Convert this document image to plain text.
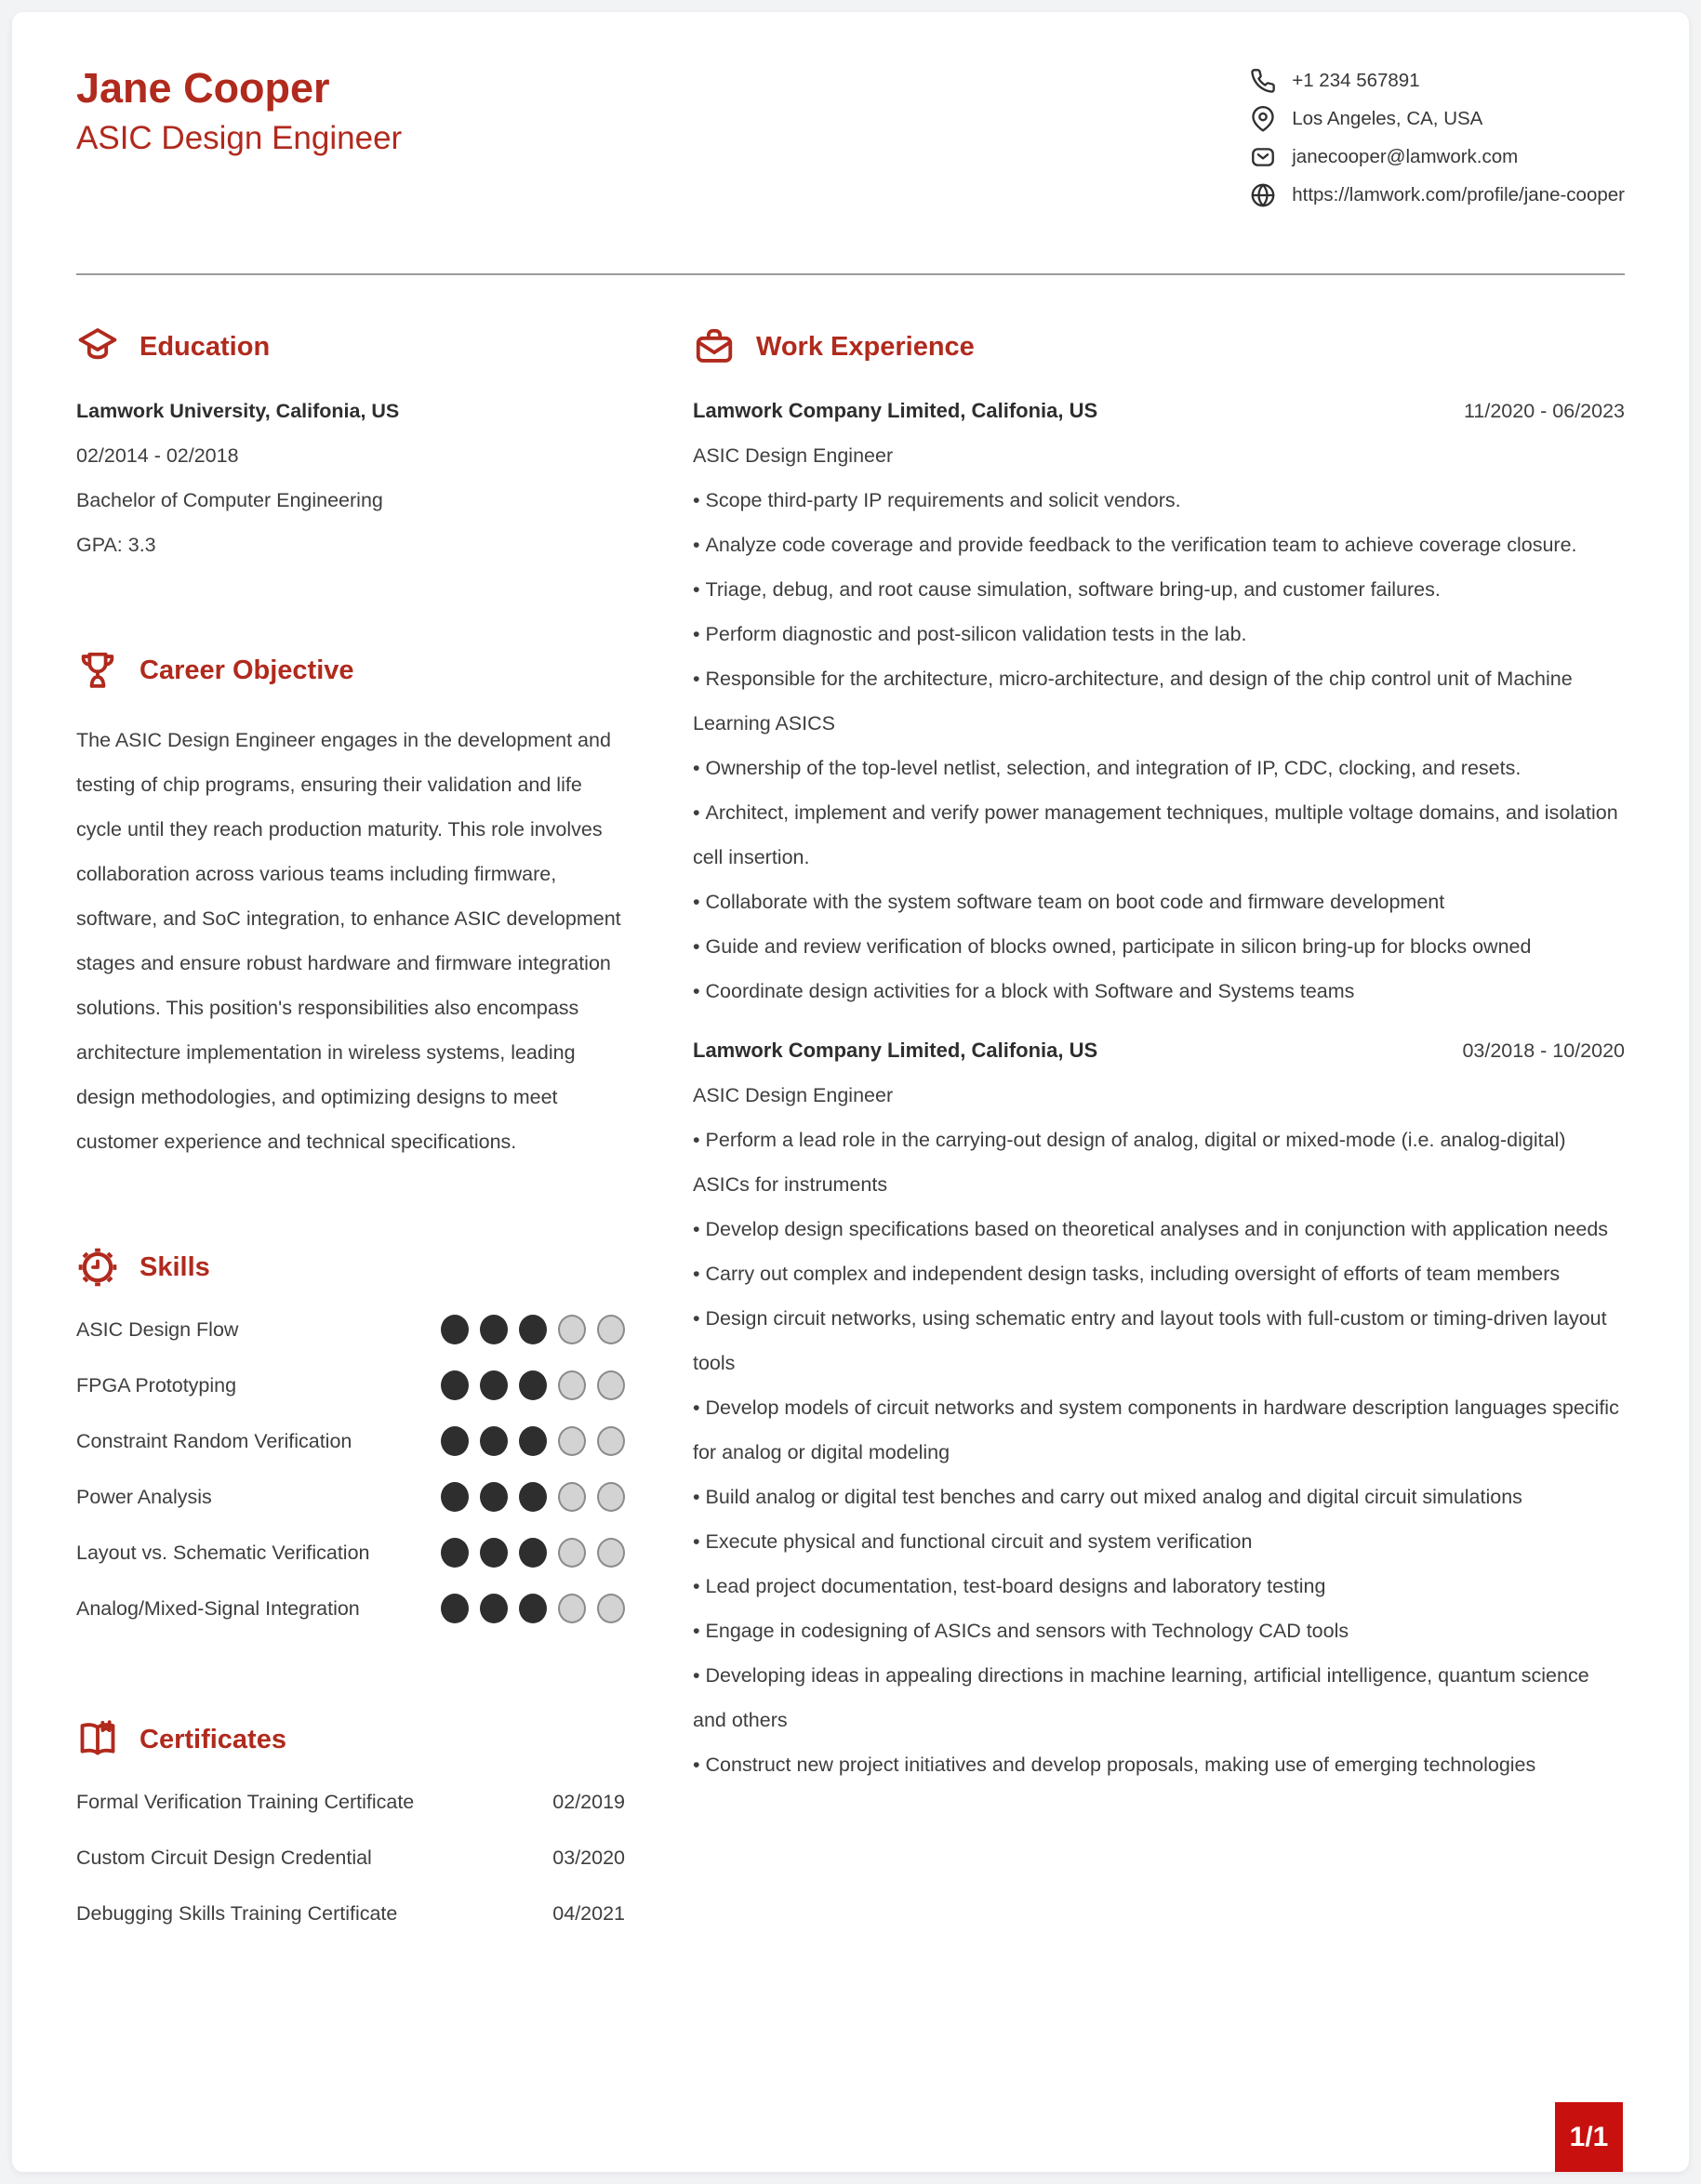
Jane Cooper
ASIC Design Engineer
+1 234 567891
Los Angeles, CA, USA
janecooper@lamwork.com
https://lamwork.com/profile/jane-cooper
Education
Lamwork University, Califonia, US
02/2014 - 02/2018
Bachelor of Computer Engineering
GPA: 3.3
Career Objective

The ASIC Design Engineer engages in the development and testing of chip programs, ensuring their validation and life cycle until they reach production maturity. This role involves collaboration across various teams including firmware, software, and SoC integration, to enhance ASIC development stages and ensure robust hardware and firmware integration solutions. This position's responsibilities also encompass architecture implementation in wireless systems, leading design methodologies, and optimizing designs to meet customer experience and technical specifications.

Skills
ASIC Design Flow
FPGA Prototyping
Constraint Random Verification
Power Analysis
Layout vs. Schematic Verification
Analog/Mixed-Signal Integration
Certificates
Formal Verification Training Certificate	02/2019
Custom Circuit Design Credential	03/2020
Debugging Skills Training Certificate	04/2021
Work Experience
Lamwork Company Limited, Califonia, US	11/2020 - 06/2023
ASIC Design Engineer
• Scope third-party IP requirements and solicit vendors.
• Analyze code coverage and provide feedback to the verification team to achieve coverage closure.
• Triage, debug, and root cause simulation, software bring-up, and customer failures.
• Perform diagnostic and post-silicon validation tests in the lab.
• Responsible for the architecture, micro-architecture, and design of the chip control unit of Machine Learning ASICS
• Ownership of the top-level netlist, selection, and integration of IP, CDC, clocking, and resets.
• Architect, implement and verify power management techniques, multiple voltage domains, and isolation cell insertion.
• Collaborate with the system software team on boot code and firmware development
• Guide and review verification of blocks owned, participate in silicon bring-up for blocks owned
• Coordinate design activities for a block with Software and Systems teams
Lamwork Company Limited, Califonia, US	03/2018 - 10/2020
ASIC Design Engineer
• Perform a lead role in the carrying-out design of analog, digital or mixed-mode (i.e. analog-digital) ASICs for instruments
• Develop design specifications based on theoretical analyses and in conjunction with application needs
• Carry out complex and independent design tasks, including oversight of efforts of team members
• Design circuit networks, using schematic entry and layout tools with full-custom or timing-driven layout tools
• Develop models of circuit networks and system components in hardware description languages specific for analog or digital modeling
• Build analog or digital test benches and carry out mixed analog and digital circuit simulations
• Execute physical and functional circuit and system verification
• Lead project documentation, test-board designs and laboratory testing
• Engage in codesigning of ASICs and sensors with Technology CAD tools
• Developing ideas in appealing directions in machine learning, artificial intelligence, quantum science and others
• Construct new project initiatives and develop proposals, making use of emerging technologies
1/1
